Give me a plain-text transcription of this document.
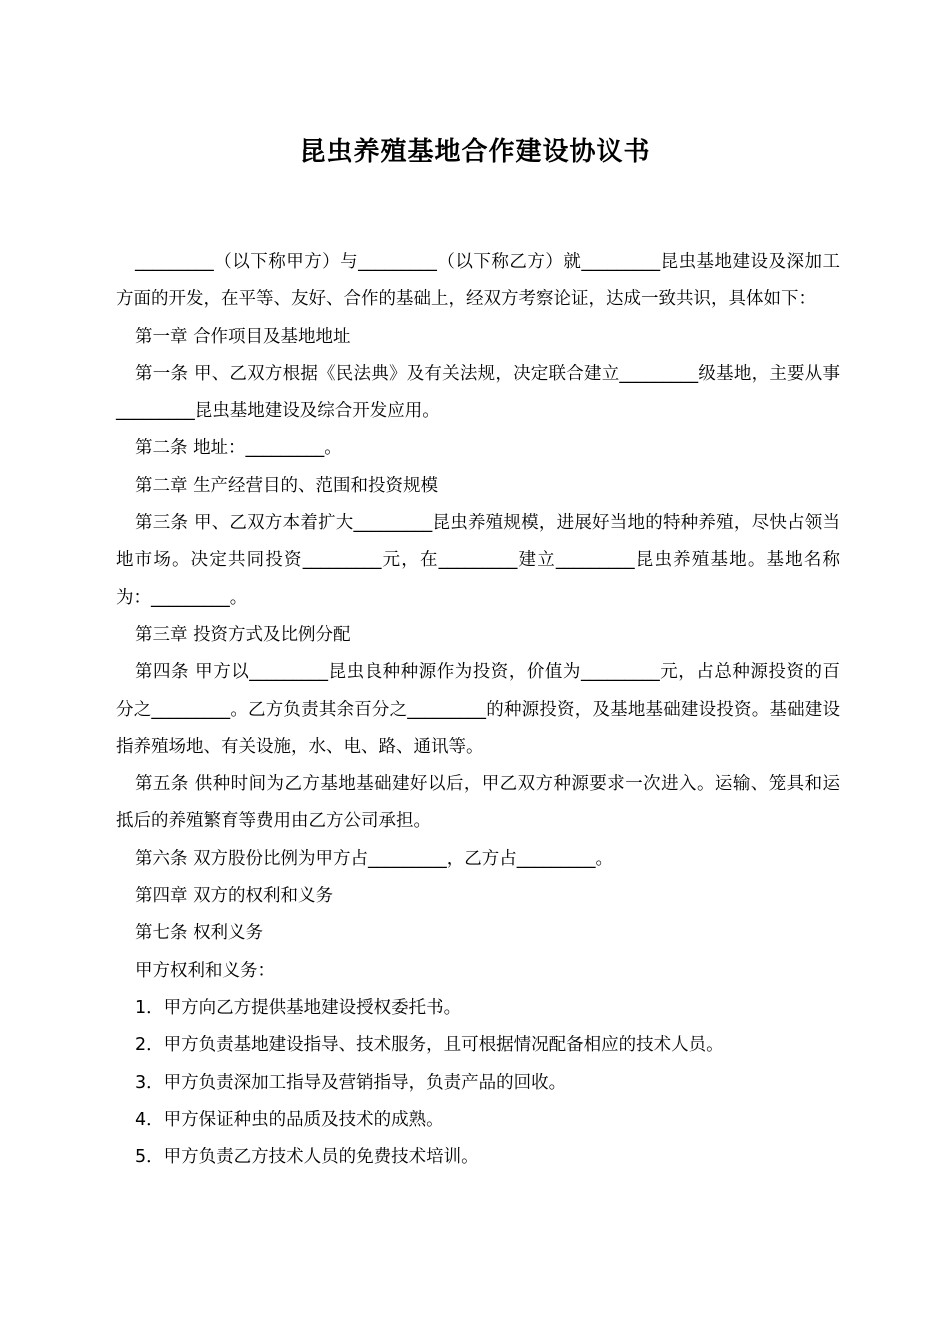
昆虫养殖基地合作建设协议书

_________（以下称甲方）与_________（以下称乙方）就_________昆虫基地建设及深加工方面的开发，在平等、友好、合作的基础上，经双方考察论证，达成一致共识，具体如下：

第一章 合作项目及基地地址

第一条 甲、乙双方根据《民法典》及有关法规，决定联合建立_________级基地，主要从事_________昆虫基地建设及综合开发应用。

第二条 地址：_________。

第二章 生产经营目的、范围和投资规模

第三条 甲、乙双方本着扩大_________昆虫养殖规模，进展好当地的特种养殖，尽快占领当地市场。决定共同投资_________元，在_________建立_________昆虫养殖基地。基地名称为：_________。

第三章 投资方式及比例分配

第四条 甲方以_________昆虫良种种源作为投资，价值为_________元，占总种源投资的百分之_________。乙方负责其余百分之_________的种源投资，及基地基础建设投资。基础建设指养殖场地、有关设施，水、电、路、通讯等。

第五条 供种时间为乙方基地基础建好以后，甲乙双方种源要求一次进入。运输、笼具和运抵后的养殖繁育等费用由乙方公司承担。

第六条 双方股份比例为甲方占_________，乙方占_________。

第四章 双方的权利和义务

第七条 权利义务

甲方权利和义务：

1．甲方向乙方提供基地建设授权委托书。

2．甲方负责基地建设指导、技术服务，且可根据情况配备相应的技术人员。

3．甲方负责深加工指导及营销指导，负责产品的回收。

4．甲方保证种虫的品质及技术的成熟。

5．甲方负责乙方技术人员的免费技术培训。
